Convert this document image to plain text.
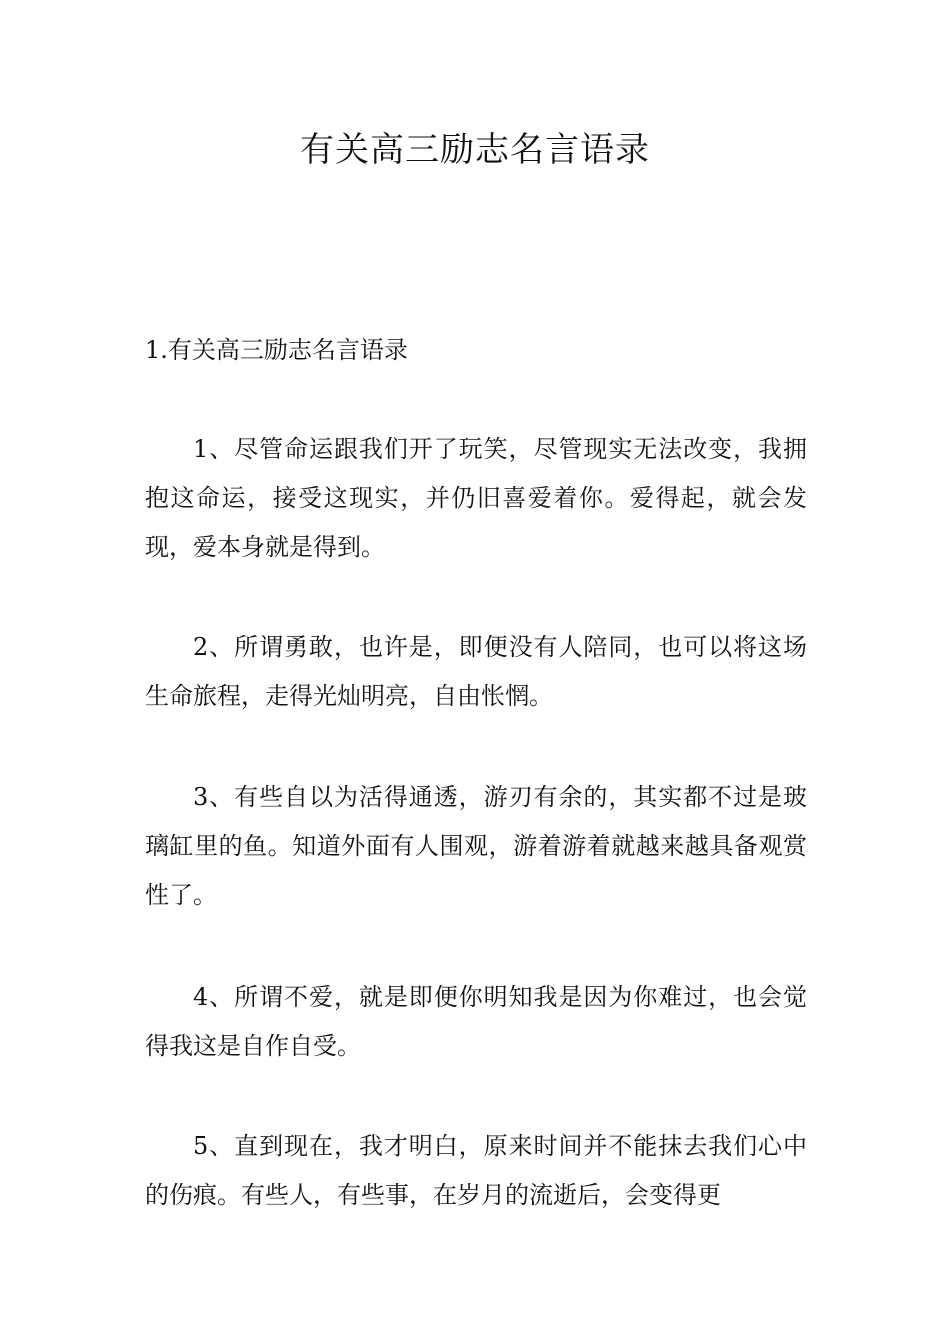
有关高三励志名言语录

1.有关高三励志名言语录

1、尽管命运跟我们开了玩笑，尽管现实无法改变，我拥抱这命运，接受这现实，并仍旧喜爱着你。爱得起，就会发现，爱本身就是得到。

2、所谓勇敢，也许是，即便没有人陪同，也可以将这场生命旅程，走得光灿明亮，自由怅惘。

3、有些自以为活得通透，游刃有余的，其实都不过是玻璃缸里的鱼。知道外面有人围观，游着游着就越来越具备观赏性了。

4、所谓不爱，就是即便你明知我是因为你难过，也会觉得我这是自作自受。

5、直到现在，我才明白，原来时间并不能抹去我们心中的伤痕。有些人，有些事，在岁月的流逝后，会变得更
